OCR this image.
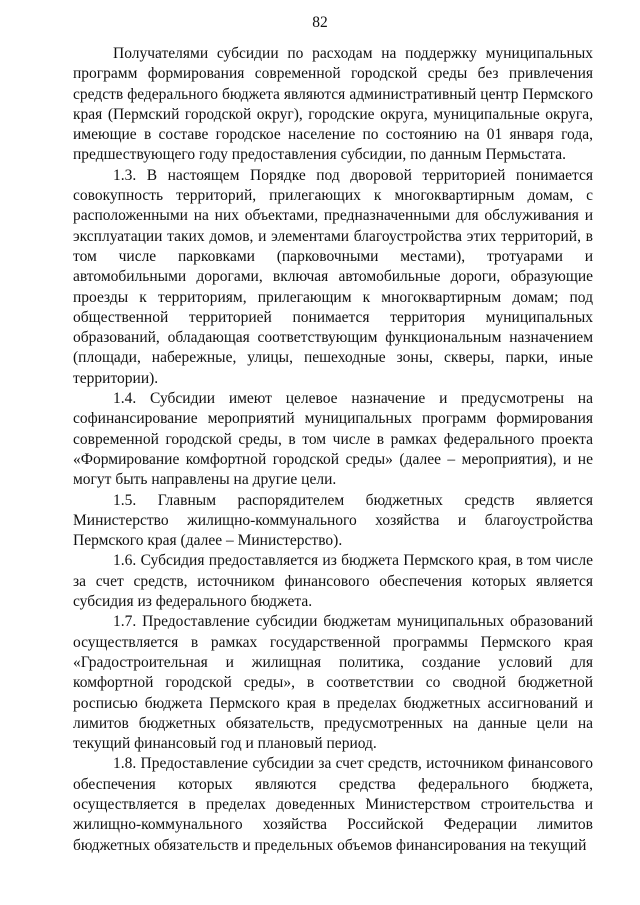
82

Получателями субсидии по расходам на поддержку муниципальных программ формирования современной городской среды без привлечения средств федерального бюджета являются административный центр Пермского края (Пермский городской округ), городские округа, муниципальные округа, имеющие в составе городское население по состоянию на 01 января года, предшествующего году предоставления субсидии, по данным Пермьстата.

1.3. В настоящем Порядке под дворовой территорией понимается совокупность территорий, прилегающих к многоквартирным домам, с расположенными на них объектами, предназначенными для обслуживания и эксплуатации таких домов, и элементами благоустройства этих территорий, в том числе парковками (парковочными местами), тротуарами и автомобильными дорогами, включая автомобильные дороги, образующие проезды к территориям, прилегающим к многоквартирным домам; под общественной территорией понимается территория муниципальных образований, обладающая соответствующим функциональным назначением (площади, набережные, улицы, пешеходные зоны, скверы, парки, иные территории).

1.4. Субсидии имеют целевое назначение и предусмотрены на софинансирование мероприятий муниципальных программ формирования современной городской среды, в том числе в рамках федерального проекта «Формирование комфортной городской среды» (далее – мероприятия), и не могут быть направлены на другие цели.

1.5. Главным распорядителем бюджетных средств является Министерство жилищно-коммунального хозяйства и благоустройства Пермского края (далее – Министерство).

1.6. Субсидия предоставляется из бюджета Пермского края, в том числе за счет средств, источником финансового обеспечения которых является субсидия из федерального бюджета.

1.7. Предоставление субсидии бюджетам муниципальных образований осуществляется в рамках государственной программы Пермского края «Градостроительная и жилищная политика, создание условий для комфортной городской среды», в соответствии со сводной бюджетной росписью бюджета Пермского края в пределах бюджетных ассигнований и лимитов бюджетных обязательств, предусмотренных на данные цели на текущий финансовый год и плановый период.

1.8. Предоставление субсидии за счет средств, источником финансового обеспечения которых являются средства федерального бюджета, осуществляется в пределах доведенных Министерством строительства и жилищно-коммунального хозяйства Российской Федерации лимитов бюджетных обязательств и предельных объемов финансирования на текущий
